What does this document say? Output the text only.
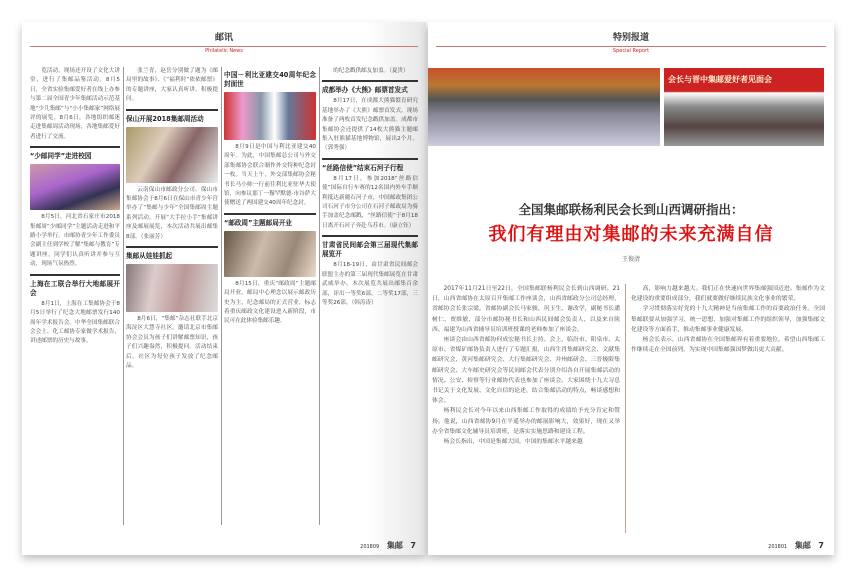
邮讯
Philatelic News

览活动。现场还开设了文化大讲堂，进行了集邮品鉴活动。8月5日，全省实验集邮爱好者在线上办参与第二届全国青少年集邮活动示范基地“少儿集邮”与“小小集邮家”网络展评的展览。8月6日，各地组织邮迷走进集邮周活动现场，各地集邮爱好者进行了交流。

“少邮同学”走进校园

8月5日，河北省石家庄市2018集邮周“少邮同学”主题活动走进和平路小学举行。市邮协青少年工作委员会副主任到学校了解“集邮与教育”专题讲座，同学们认真听讲并参与互动，现场气氛热烈。

上海在工联合举行大地邮展开会

8月1日，上海在工集邮协会于8月5日举行了纪念大地邮票发行140周年学术报告会。中华全国集邮联合会会士、化工邮协专家做学术报告，讲述邮票的历史与故事。

张兰青，赵岳分别做了题为《邮局里的故事》、《“福利时”依依邮票》的专题讲座，大家认真听讲，积极提问。

保山开展2018集邮周活动

云南保山市邮政分公司、保山市集邮协会于8月6日在保山市青少年宫举办了“集邮与少年”全国集邮周主题系列活动。开展“大手拉小手”集邮讲座及邮展展览，本次活动共展出邮集8部。（张丽芳）

集邮从娃娃抓起

8月6日，“集邮”杂志社联手北京海淀区大慧寺社区，邀请北京市集邮协会会员为孩子们讲解邮票知识，孩子们兴趣盎然，积极提问。活动结束后，社区为每位孩子发放了纪念邮品。

中国－利比亚建交40周年纪念封面世

8月9日是中国与利比亚建交40周年。为此，中国集邮总公司与外交部集邮协会联合制作外交特种纪念封一枚。当天上午，外交部集邮协会秘书长马小帅一行前往利比亚驻华大使馆，向参议那丁一穆罕默德·市谷萨大使赠送了两国建交40周年纪念封。

“邮政周”主题邮局开业

8月15日，重庆“邮政周”主题邮局开业。邮局中心理念以展示邮政历史为主，纪念邮局的正式营业，标志着重庆邮政文化建设进入新阶段，市民可在此体验集邮乐趣。

的纪念戳供邮友加盖。（夏贵）

成都举办《大熊》邮票首发式

8月17日，在成都大熊猫繁育研究基地举办了《大熊》邮票首发式。现场准备了两枚首发纪念戳供加盖。成都市集邮协会还提供了14枚大熊猫主题邮集入驻熊猫基地博物馆，展出2个月。（郭秀强）

“丝路信使”结束石河子行程

8月17日，参加2018“丝路信使”国际自行车赛的12名国内外车手顺利抵达新疆石河子市，中国邮政集团公司石河子市分公司在石河子邮政局为骑手加盖纪念邮戳，“丝路信使”于8月18日离开石河子奔赴乌苏市。（康立钰）

甘肃省民间邮会第三届现代集邮展览开

8月18-19日，由甘肃省民间邮会联盟主办的第三届现代集邮展览在甘肃武威举办，本次展览共展出邮集百余部，评出一等奖6部，二等奖17部，三等奖26部。（韩涛涛）

201809 集邮 7
特别报道
Special Report
会长与晋中集邮爱好者见面会
全国集邮联杨利民会长到山西调研指出：
我们有理由对集邮的未来充满自信
王俊清

2017年11月21日至22日，全国集邮联杨利民会长到山西调研。21日，山西省邮协在太原召开集邮工作座谈会，山西省邮政分公司总经理，省邮协会长张宗梁，省邮协副会长马家骏、巩玉生、谢改学，副秘书长潘树仁、贾维敏，部分市邮协秘书长和山西民间邮会负责人，以及来自陕西、福建为山西省辅导员培训班授课的老师参加了座谈会。

座谈会由山西省邮协何成宏秘书长主持。会上，临汾市、阳泉市、太原市、省煤矿邮协负责人进行了专题汇报，山西生肖集邮研究会、文献集邮研究会、黄河集邮研究会、大行集邮研究会、并州邮研会、三晋极限集邮研究会、大车邮史研究会等民间邮会代表分别介绍各自开展集邮活动的情况。公安、检察等行业邮协代表也参加了座谈会。大家围绕十九大习总书记关于文化发展、文化自信的论述，结合集邮活动的特点，畅谈感想和体会。

杨利民会长对今年以来山西集邮工作取得的成绩给予充分肯定和赞扬。他说，山西省邮协9月在平遥举办的邮展影响大，效果好，现在又举办全省集邮文化辅导员培训班，是落实实施思路和建设工程。

杨会长指出，中国是集邮大国，中国的集邮水平越来越

高，影响力越来越大。我们正在快速向世界集邮强国迈进。集邮作为文化建设的重要组成部分，我们就要做好继续民族文化事业的繁荣。

学习贯彻落实好党的十九大精神是当前集邮工作的首要政治任务。全国集邮联要从加强学习，统一思想，加强对集邮工作的组织领导，加强集邮文化建设等方面着手，推动集邮事业健康发展。

杨会长表示，山西省邮协在全国集邮界有着重要地位，希望山西集邮工作继续走在全国前列，为实现中国集邮强国梦做出更大贡献。

201801 集邮 7
